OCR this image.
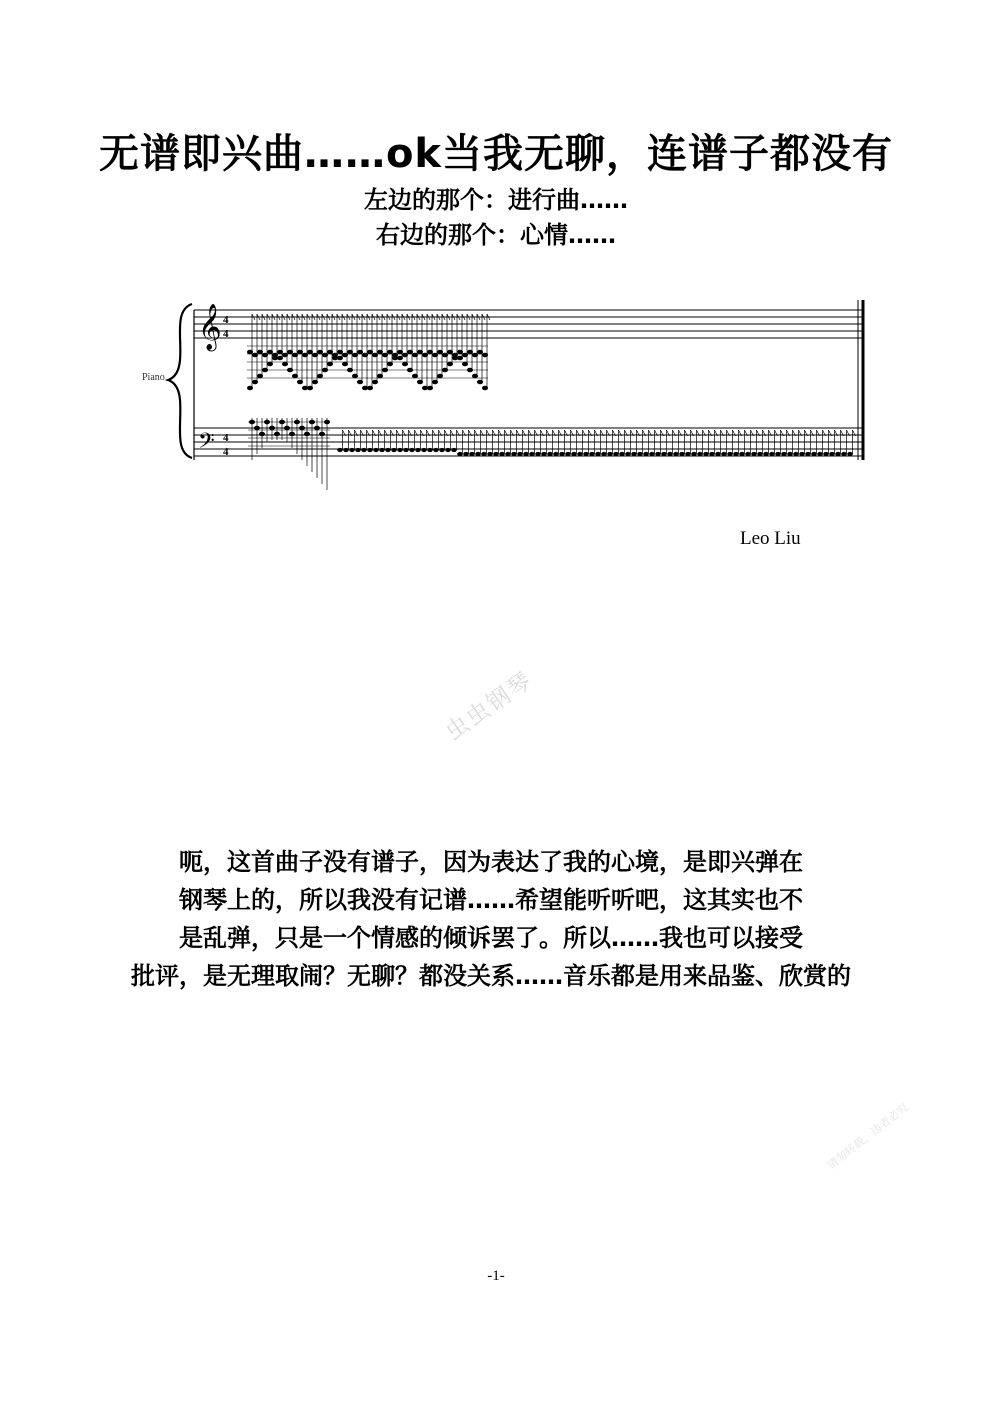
无谱即兴曲……ok当我无聊，连谱子都没有
左边的那个：进行曲……
右边的那个：心情……
Piano
𝄞
𝄢
4
4
4
4
Leo Liu
虫虫钢琴
呃，这首曲子没有谱子，因为表达了我的心境，是即兴弹在
钢琴上的，所以我没有记谱……希望能听听吧，这其实也不
是乱弹，只是一个情感的倾诉罢了。所以……我也可以接受
批评，是无理取闹？无聊？都没关系……音乐都是用来品鉴、欣赏的
-1-
请勿转载，违者必究
